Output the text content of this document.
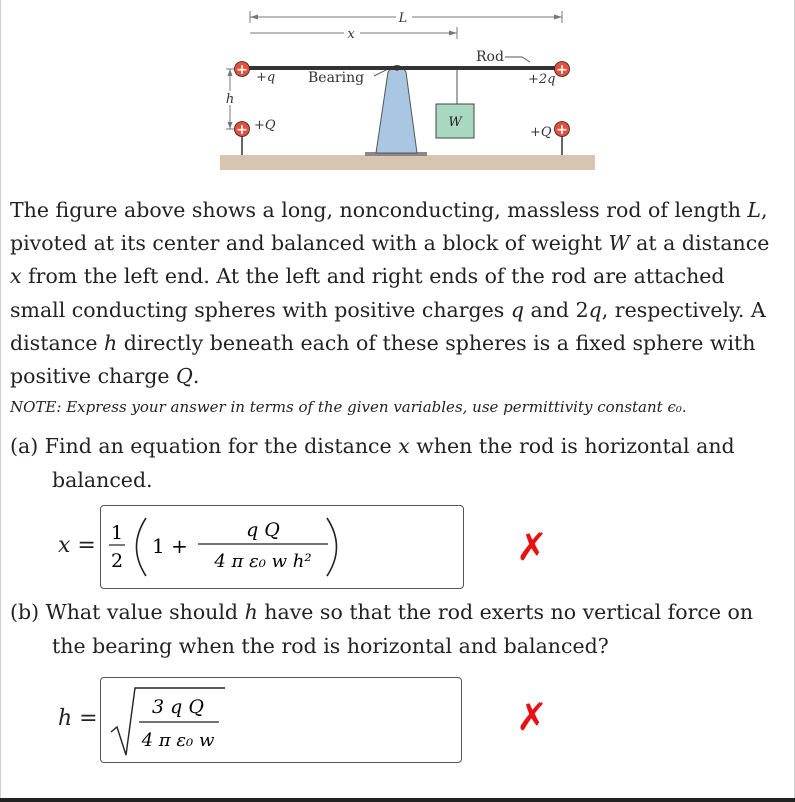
L
x
Bearing
Rod
W
+ +q	+
+2q
+ +Q	+
+Q
h

The figure above shows a long, nonconducting, massless rod of length L, pivoted at its center and balanced with a block of weight W at a distance x from the left end. At the left and right ends of the rod are attached small conducting spheres with positive charges q and 2q, respectively. A distance h directly beneath each of these spheres is a fixed sphere with positive charge Q.

NOTE: Express your answer in terms of the given variables, use permittivity constant ϵ₀.

(a) Find an equation for the distance x when the rod is horizontal and balanced.

x = 1
2
1 +
q Q
4 π ε₀ w h²	✗

(b) What value should h have so that the rod exerts no vertical force on the bearing when the rod is horizontal and balanced?

h =	3 q Q
4 π ε₀ w
✗
